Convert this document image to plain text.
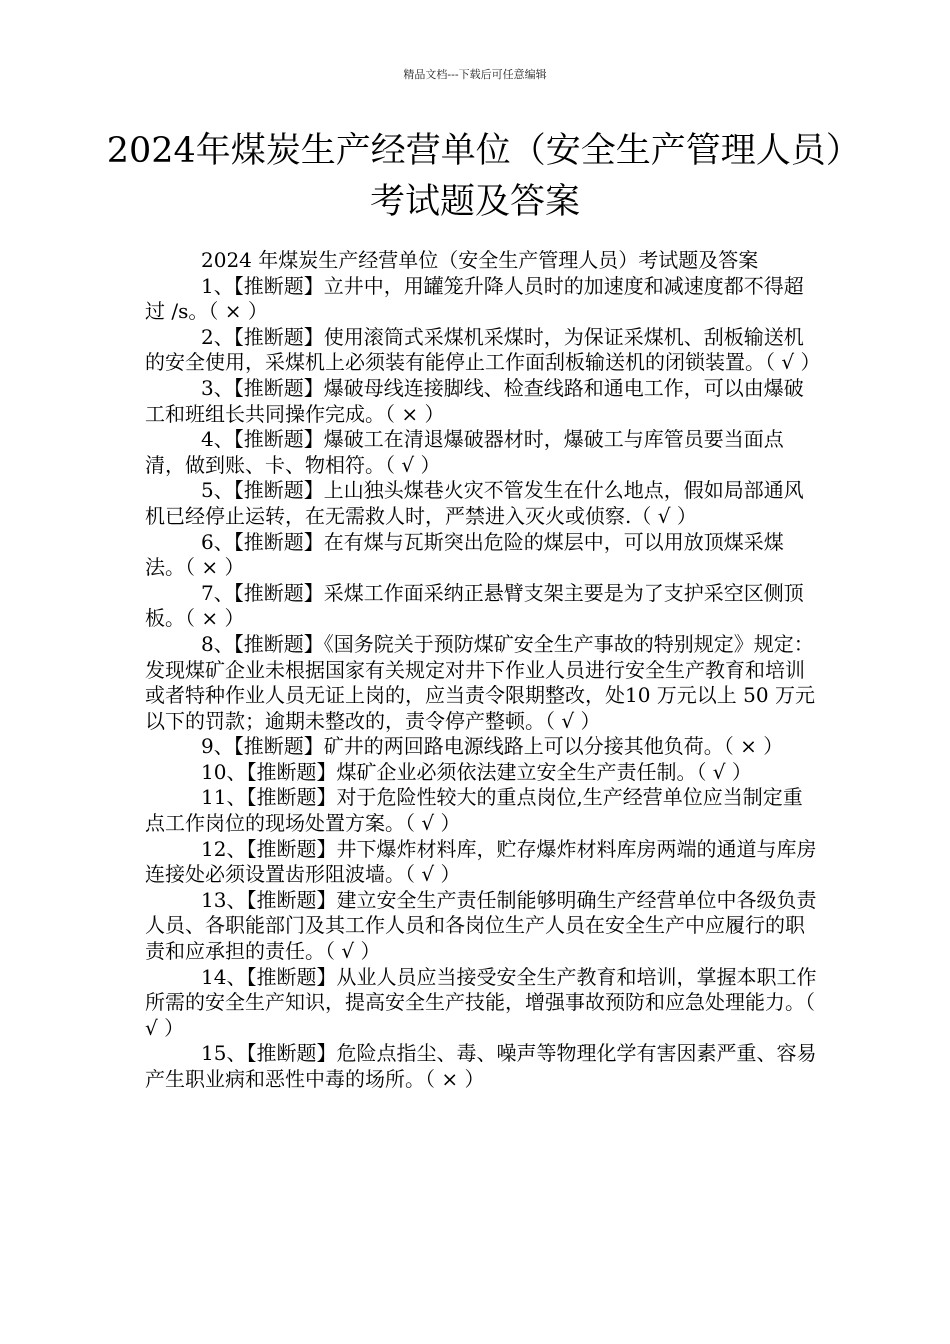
精品文档---下载后可任意编辑
2024年煤炭生产经营单位（安全生产管理人员）考试题及答案

2024 年煤炭生产经营单位（安全生产管理人员）考试题及答案

1、【推断题】立井中，用罐笼升降人员时的加速度和减速度都不得超过 /s。（ × ）

2、【推断题】使用滚筒式采煤机采煤时，为保证采煤机、刮板输送机的安全使用，采煤机上必须装有能停止工作面刮板输送机的闭锁装置。（ √ ）

3、【推断题】爆破母线连接脚线、检查线路和通电工作，可以由爆破工和班组长共同操作完成。（ × ）

4、【推断题】爆破工在清退爆破器材时，爆破工与库管员要当面点清，做到账、卡、物相符。（ √ ）

5、【推断题】上山独头煤巷火灾不管发生在什么地点，假如局部通风机已经停止运转，在无需救人时，严禁进入灭火或侦察.（ √ ）

6、【推断题】在有煤与瓦斯突出危险的煤层中，可以用放顶煤采煤法。（ × ）

7、【推断题】采煤工作面采纳正悬臂支架主要是为了支护采空区侧顶板。（ × ）

8、【推断题】《国务院关于预防煤矿安全生产事故的特别规定》规定：发现煤矿企业未根据国家有关规定对井下作业人员进行安全生产教育和培训或者特种作业人员无证上岗的，应当责令限期整改，处10 万元以上 50 万元以下的罚款；逾期未整改的，责令停产整顿。（ √ ）

9、【推断题】矿井的两回路电源线路上可以分接其他负荷。（ × ）

10、【推断题】煤矿企业必须依法建立安全生产责任制。（ √ ）

11、【推断题】对于危险性较大的重点岗位,生产经营单位应当制定重点工作岗位的现场处置方案。（ √ ）

12、【推断题】井下爆炸材料库，贮存爆炸材料库房两端的通道与库房连接处必须设置齿形阻波墙。（ √ ）

13、【推断题】建立安全生产责任制能够明确生产经营单位中各级负责人员、各职能部门及其工作人员和各岗位生产人员在安全生产中应履行的职责和应承担的责任。（ √ ）

14、【推断题】从业人员应当接受安全生产教育和培训，掌握本职工作所需的安全生产知识，提高安全生产技能，增强事故预防和应急处理能力。（ √ ）

15、【推断题】危险点指尘、毒、噪声等物理化学有害因素严重、容易产生职业病和恶性中毒的场所。（ × ）
